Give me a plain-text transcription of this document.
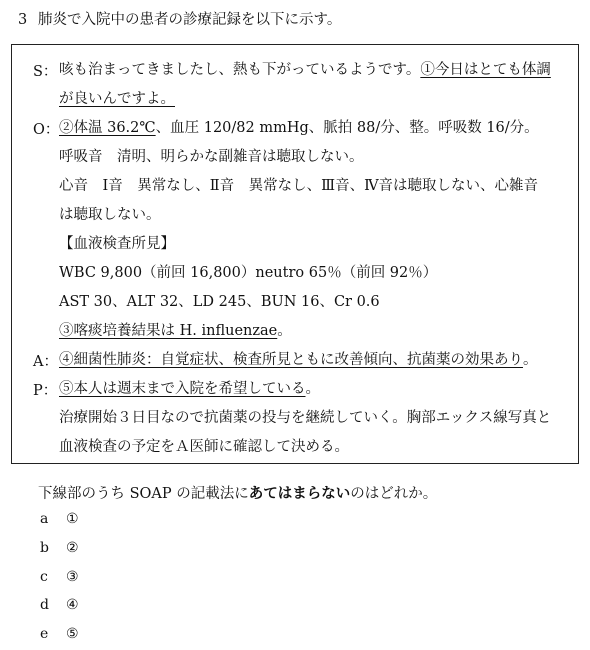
3 肺炎で入院中の患者の診療記録を以下に示す。
S： 咳も治まってきましたし、熱も下がっているようです。①今日はとても体調
が良いんですよ。
O： ②体温 36.2℃、血圧 120/82 mmHg、脈拍 88/分、整。呼吸数 16/分。
呼吸音　清明、明らかな副雑音は聴取しない。
心音　Ⅰ音　異常なし、Ⅱ音　異常なし、Ⅲ音、Ⅳ音は聴取しない、心雑音
は聴取しない。
【血液検査所見】
WBC 9,800（前回 16,800）neutro 65％（前回 92％）
AST 30、ALT 32、LD 245、BUN 16、Cr 0.6
③喀痰培養結果は H. influenzae。
A： ④細菌性肺炎：自覚症状、検査所見ともに改善傾向、抗菌薬の効果あり。
P： ⑤本人は週末まで入院を希望している。
治療開始３日目なので抗菌薬の投与を継続していく。胸部エックス線写真と
血液検査の予定をＡ医師に確認して決める。
下線部のうち SOAP の記載法にあてはまらないのはどれか。
a ①
b ②
c ③
d ④
e ⑤
